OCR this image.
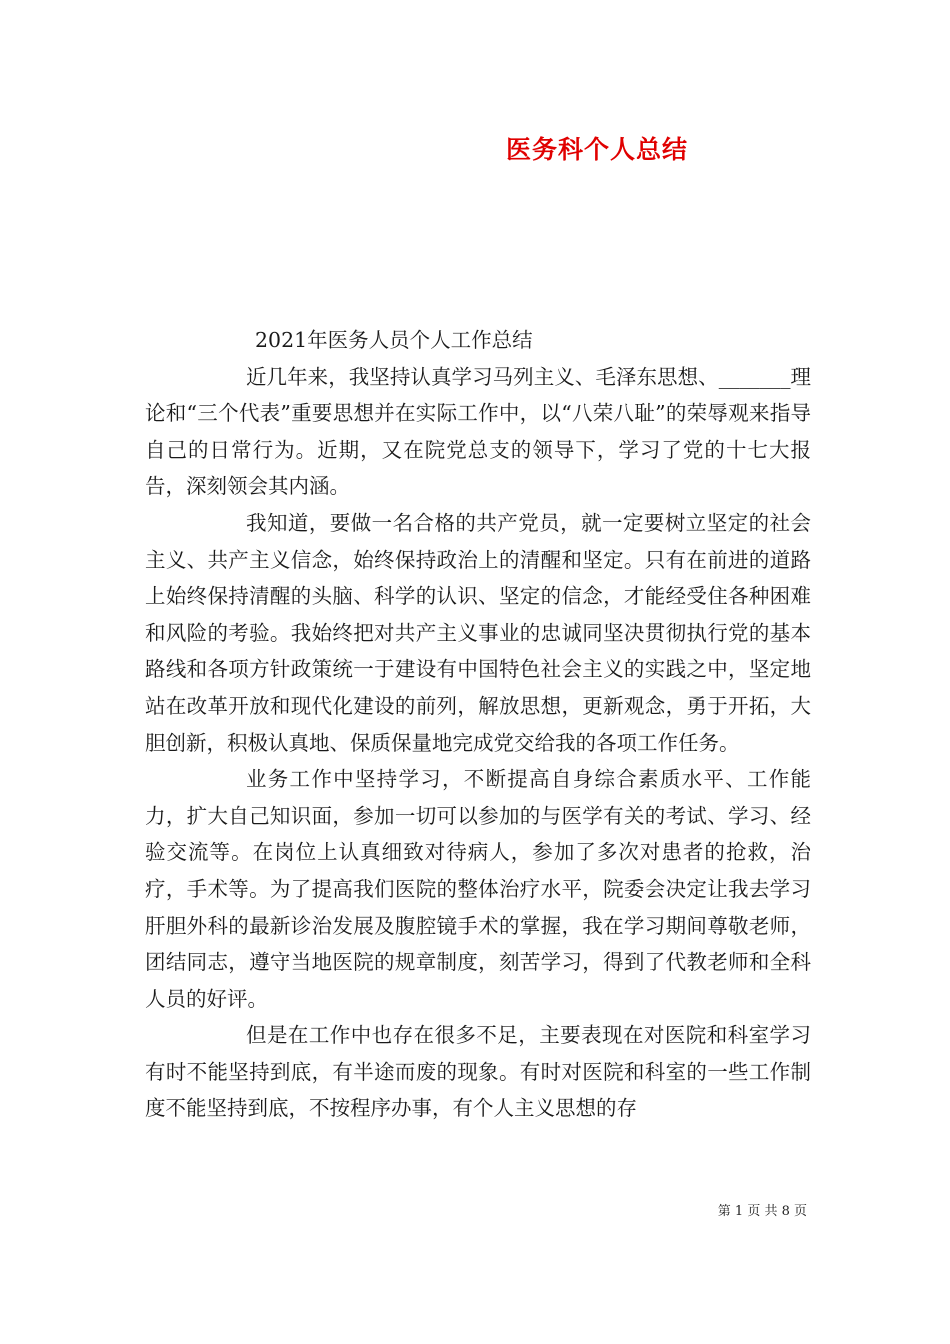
医务科个人总结

2021年医务人员个人工作总结

近几年来，我坚持认真学习马列主义、毛泽东思想、_______理论和“三个代表”重要思想并在实际工作中，以“八荣八耻”的荣辱观来指导自己的日常行为。近期，又在院党总支的领导下，学习了党的十七大报告，深刻领会其内涵。

我知道，要做一名合格的共产党员，就一定要树立坚定的社会主义、共产主义信念，始终保持政治上的清醒和坚定。只有在前进的道路上始终保持清醒的头脑、科学的认识、坚定的信念，才能经受住各种困难和风险的考验。我始终把对共产主义事业的忠诚同坚决贯彻执行党的基本路线和各项方针政策统一于建设有中国特色社会主义的实践之中，坚定地站在改革开放和现代化建设的前列，解放思想，更新观念，勇于开拓，大胆创新，积极认真地、保质保量地完成党交给我的各项工作任务。

业务工作中坚持学习，不断提高自身综合素质水平、工作能力，扩大自己知识面，参加一切可以参加的与医学有关的考试、学习、经验交流等。在岗位上认真细致对待病人，参加了多次对患者的抢救，治疗，手术等。为了提高我们医院的整体治疗水平，院委会决定让我去学习肝胆外科的最新诊治发展及腹腔镜手术的掌握，我在学习期间尊敬老师，团结同志，遵守当地医院的规章制度，刻苦学习，得到了代教老师和全科人员的好评。

但是在工作中也存在很多不足，主要表现在对医院和科室学习有时不能坚持到底，有半途而废的现象。有时对医院和科室的一些工作制度不能坚持到底，不按程序办事，有个人主义思想的存

第 1 页 共 8 页
